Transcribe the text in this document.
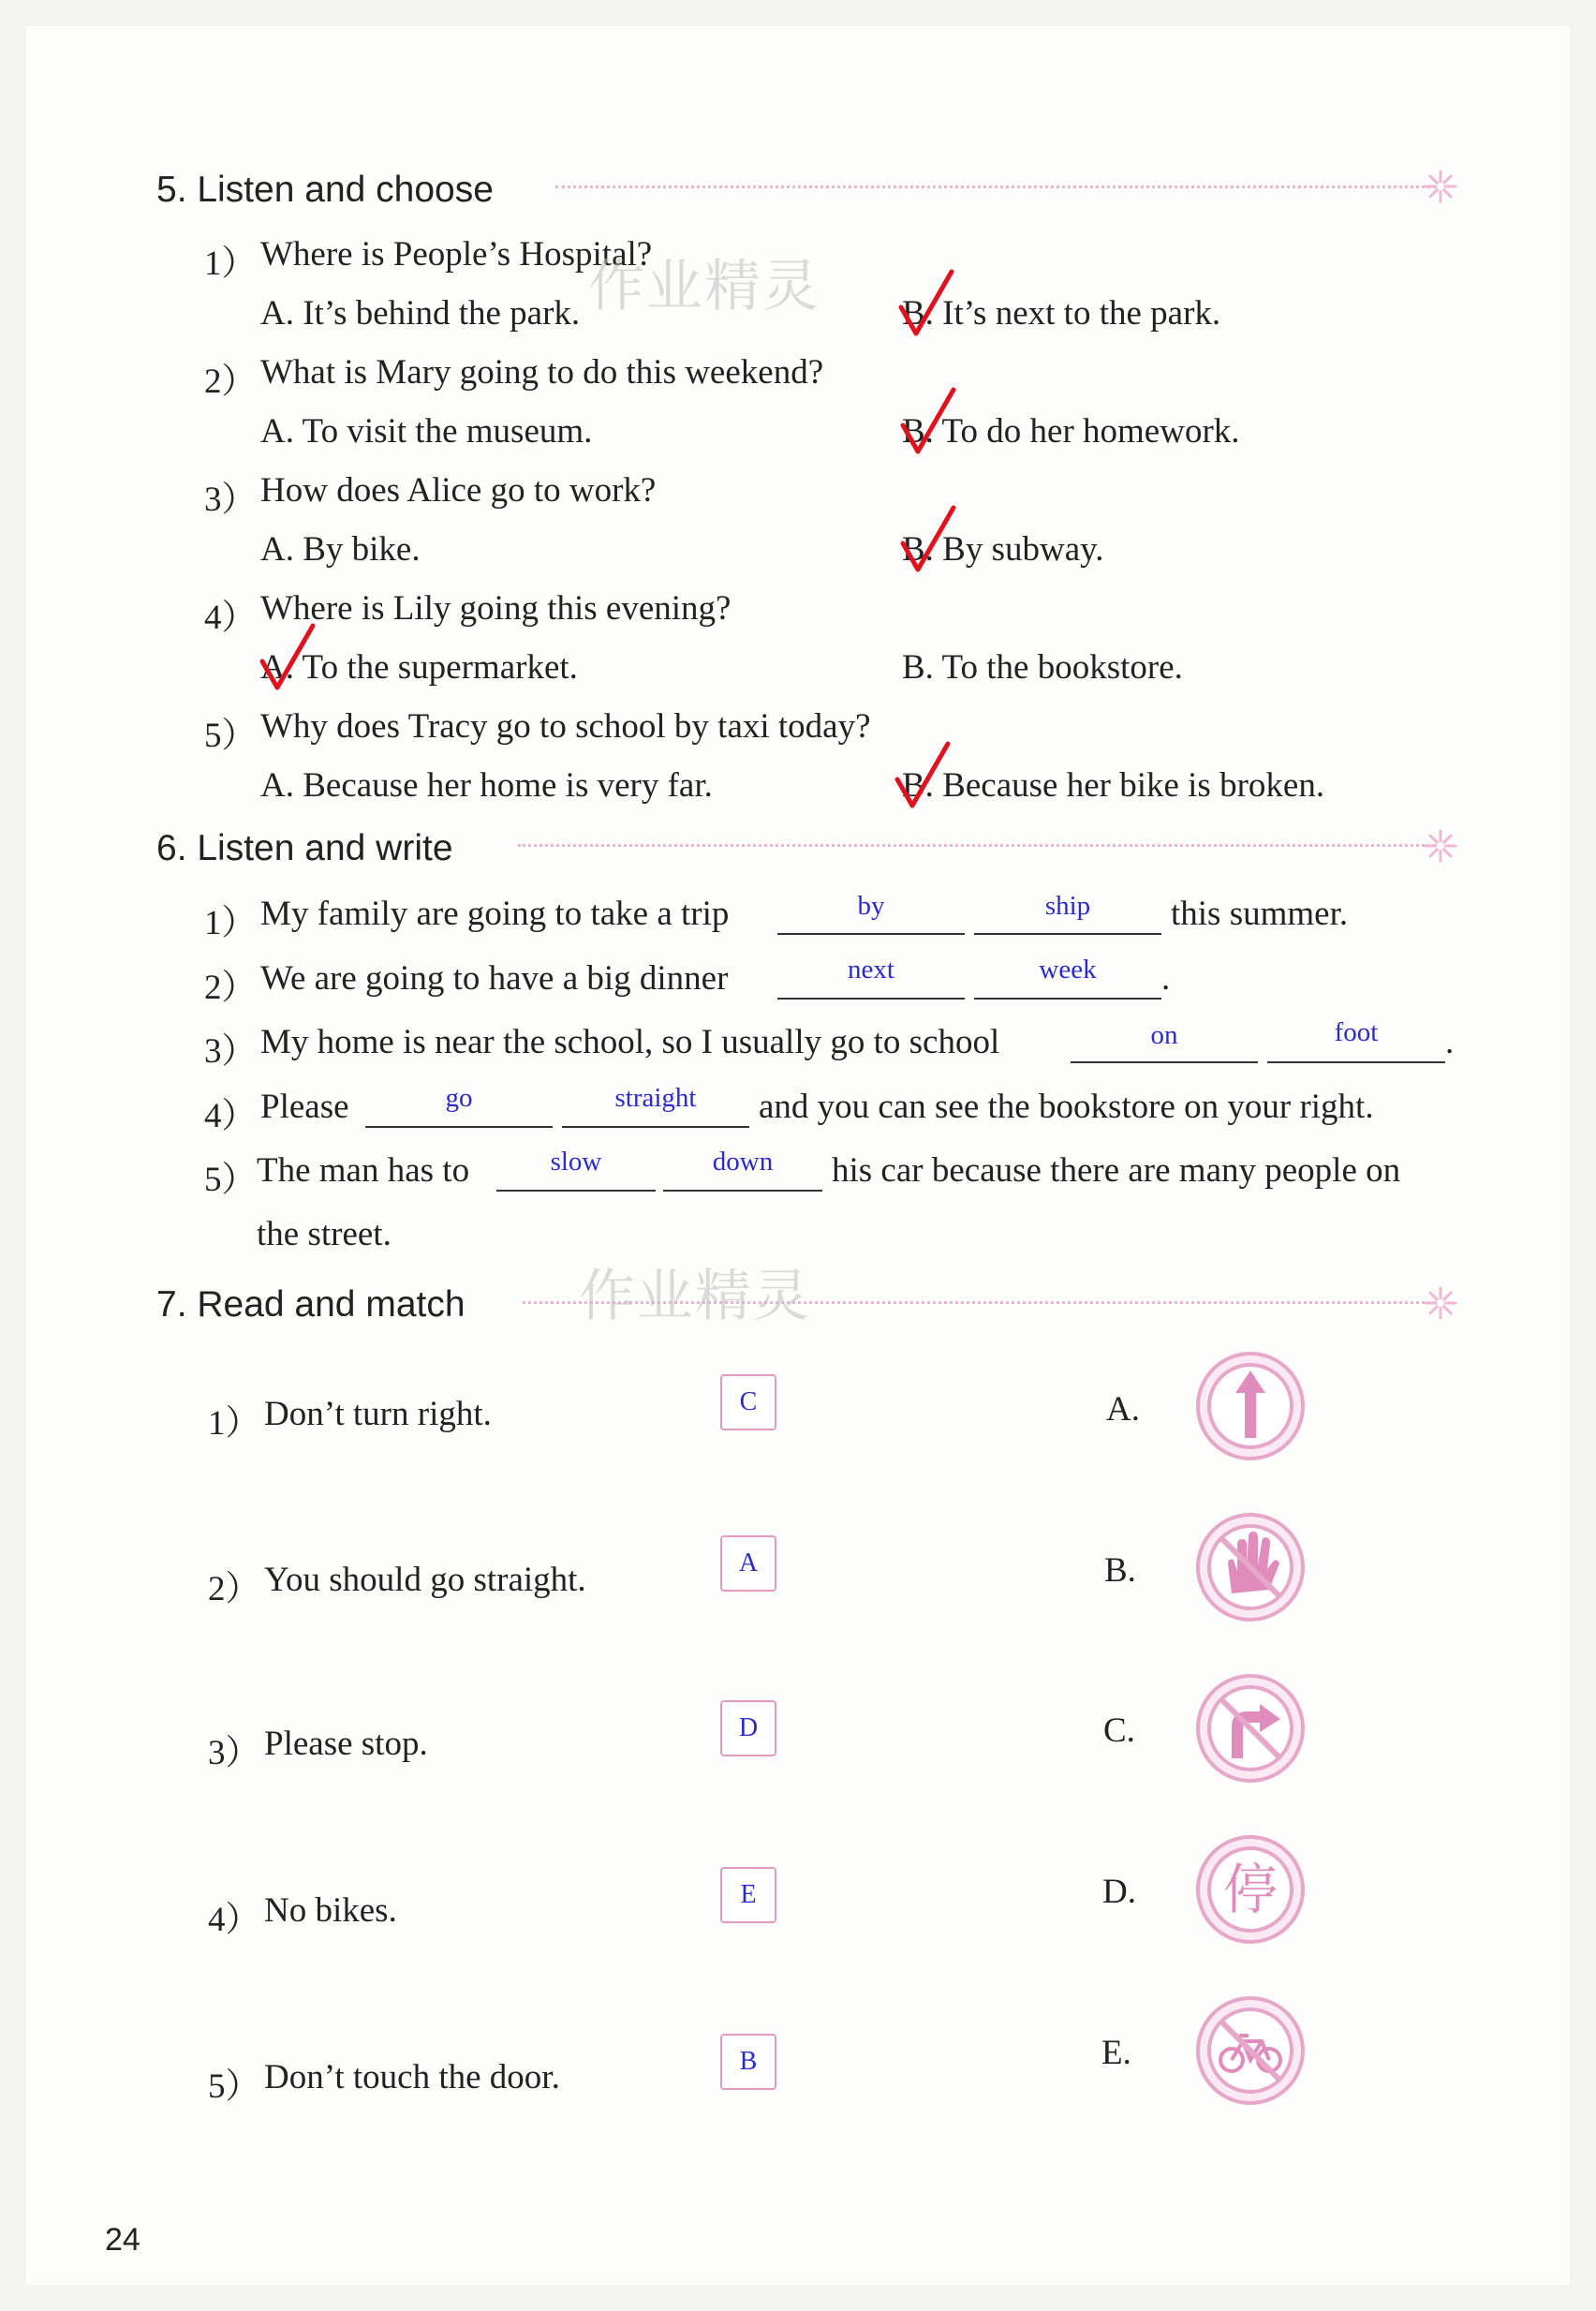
5. Listen and choose
1） Where is People’s Hospital?
A. It’s behind the park.	B. It’s next to the park.
2） What is Mary going to do this weekend?
A. To visit the museum.	B. To do her homework.
3） How does Alice go to work?
A. By bike.	B. By subway.
4） Where is Lily going this evening?
A. To the supermarket.	B. To the bookstore.
5） Why does Tracy go to school by taxi today?
A. Because her home is very far.	B. Because her bike is broken.
6. Listen and write
1） My family are going to take a trip	by	ship	this summer.
2） We are going to have a big dinner	next	week	.
3） My home is near the school, so I usually go to school	on	foot	.
4） Please	go	straight	and you can see the bookstore on your right.
5） The man has to	slow	down	his car because there are many people on
the street.
7. Read and match
1） Don’t turn right.	C
2） You should go straight.	A
3） Please stop.	D
4） No bikes.	E
5） Don’t touch the door.	B
A.
B.
C.
D.
E.
停
作业精灵
作业精灵
24
